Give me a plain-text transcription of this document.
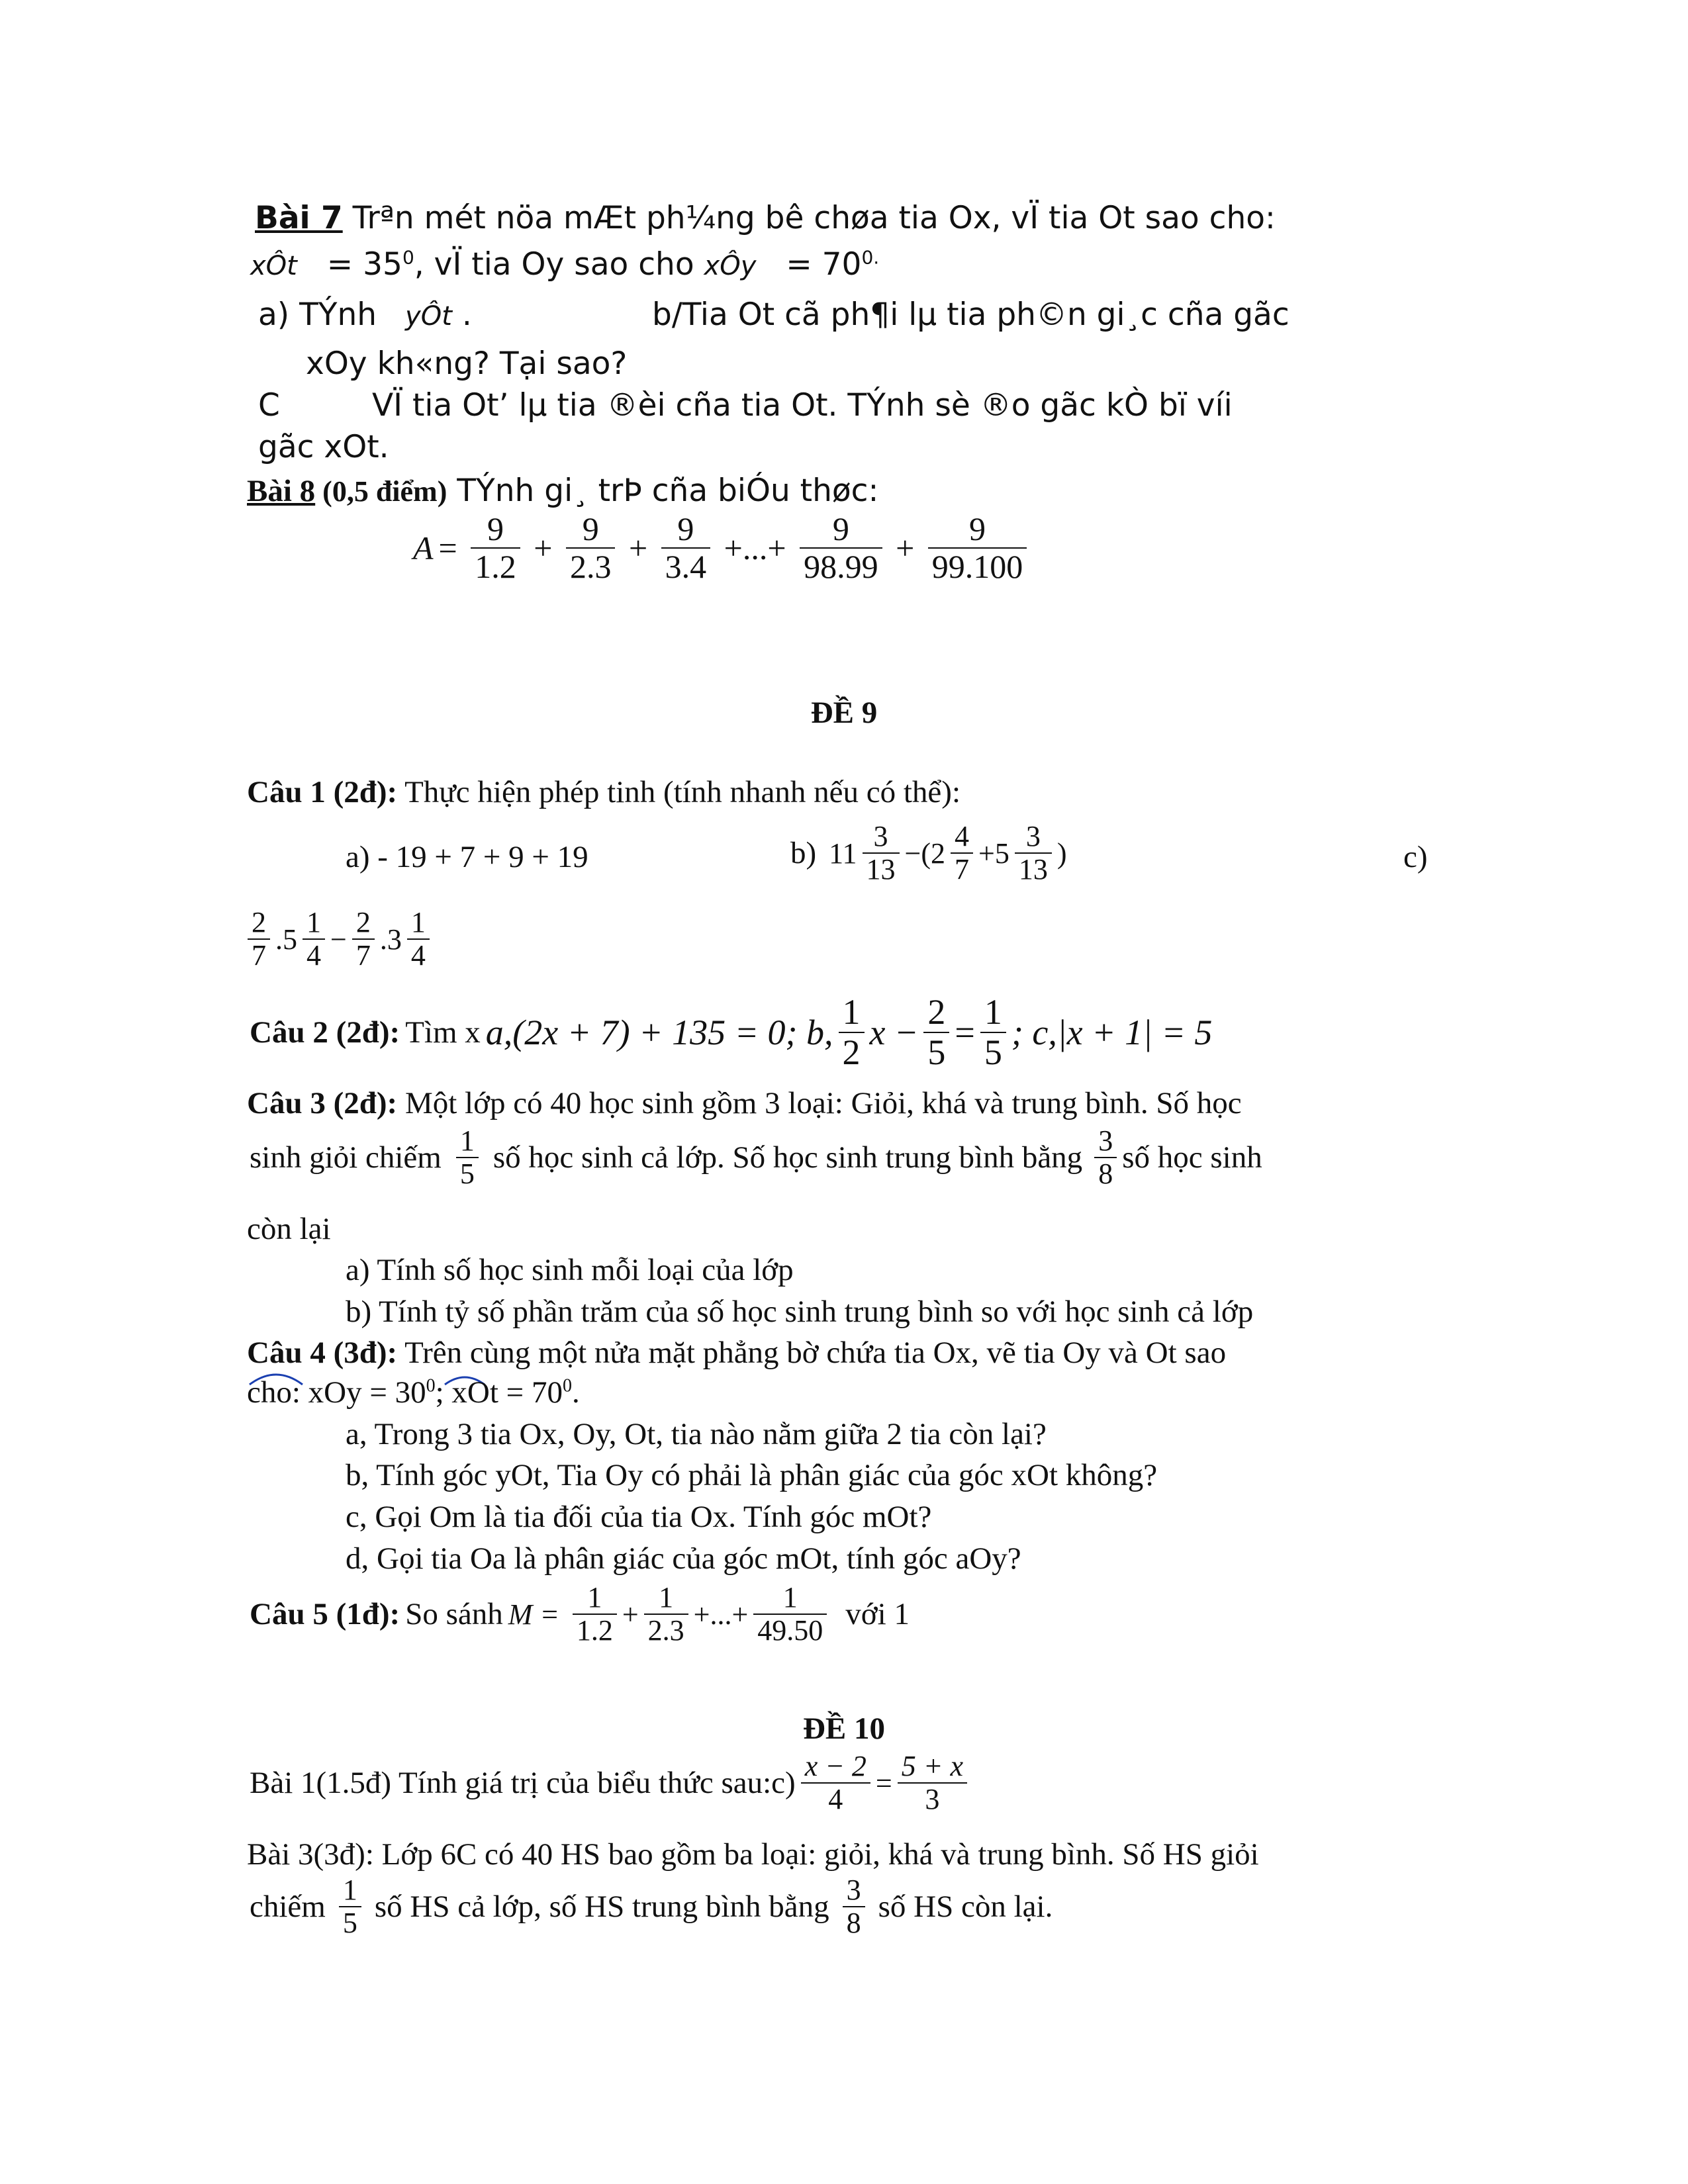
Bài 7 Trªn mét nöa mÆt ph¼ng bê chøa tia Ox, vÏ tia Ot sao cho:
xÔt = $35^0$, vÏ tia Oy sao cho xÔy = $70^{0.}$
a) TÝnh yÔt .	b/Tia Ot cã ph¶i lµ tia ph©n gi¸c cña gãc
xOy kh«ng? Tại sao?
C	VÏ tia Ot’ lµ tia ®èi cña tia Ot. TÝnh sè ®o gãc kÒ bï víi
gãc xOt.
Bài 8 (0,5 điểm) TÝnh gi¸ trÞ cña biÓu thøc:
$A = \frac{9}{1.2} + \frac{9}{2.3} + \frac{9}{3.4}$ +...+ $\frac{9}{98.99} + \frac{9}{99.100}$
ĐỀ 9
Câu 1 (2đ): Thực hiện phép tinh (tính nhanh nếu có thể):
a) - 19 + 7 + 9 + 19	b) $11 \frac{3}{13} -(2 \frac{4}{7} +5 \frac{3}{13}$ )	c)
$\frac{2}{7} .5 \frac{1}{4} - \frac{2}{7} .3 \frac{1}{4}$
Câu 2 (2đ):Tìm xa,(2x + 7) + 135 = 0; b, $\frac{1}{2}$ $x - \frac{2}{5} = \frac{1}{5}$ ; c,|x + 1| = 5
Câu 3 (2đ): Một lớp có 40 học sinh gồm 3 loại: Giỏi, khá và trung bình. Số học
sinh giỏi chiếm $\frac{1}{5}$ số học sinh cả lớp. Số học sinh trung bình bằng $\frac{3}{8}$ số học sinh
còn lại
a) Tính số học sinh mỗi loại của lớp
b) Tính tỷ số phần trăm của số học sinh trung bình so với học sinh cả lớp
Câu 4 (3đ): Trên cùng một nửa mặt phẳng bờ chứa tia Ox, vẽ tia Oy và Ot sao
cho: xOy = $30^0$; xOt = $70^0$.
a, Trong 3 tia Ox, Oy, Ot, tia nào nằm giữa 2 tia còn lại?
b, Tính góc yOt, Tia Oy có phải là phân giác của góc xOt không?
c, Gọi Om là tia đối của tia Ox. Tính góc mOt?
d, Gọi tia Oa là phân giác của góc mOt, tính góc aOy?
Câu 5 (1đ):So sánhM = $\frac{1}{1.2} + \frac{1}{2.3}$ +...+ $\frac{1}{49.50}$ với 1
ĐỀ 10
Bài 1(1.5đ) Tính giá trị của biểu thức sau:c) $\frac{x - 2}{4} = \frac{5 + x}{3}$
Bài 3(3đ): Lớp 6C có 40 HS bao gồm ba loại: giỏi, khá và trung bình. Số HS giỏi
chiếm $\frac{1}{5}$ số HS cả lớp, số HS trung bình bằng $\frac{3}{8}$ số HS còn lại.
